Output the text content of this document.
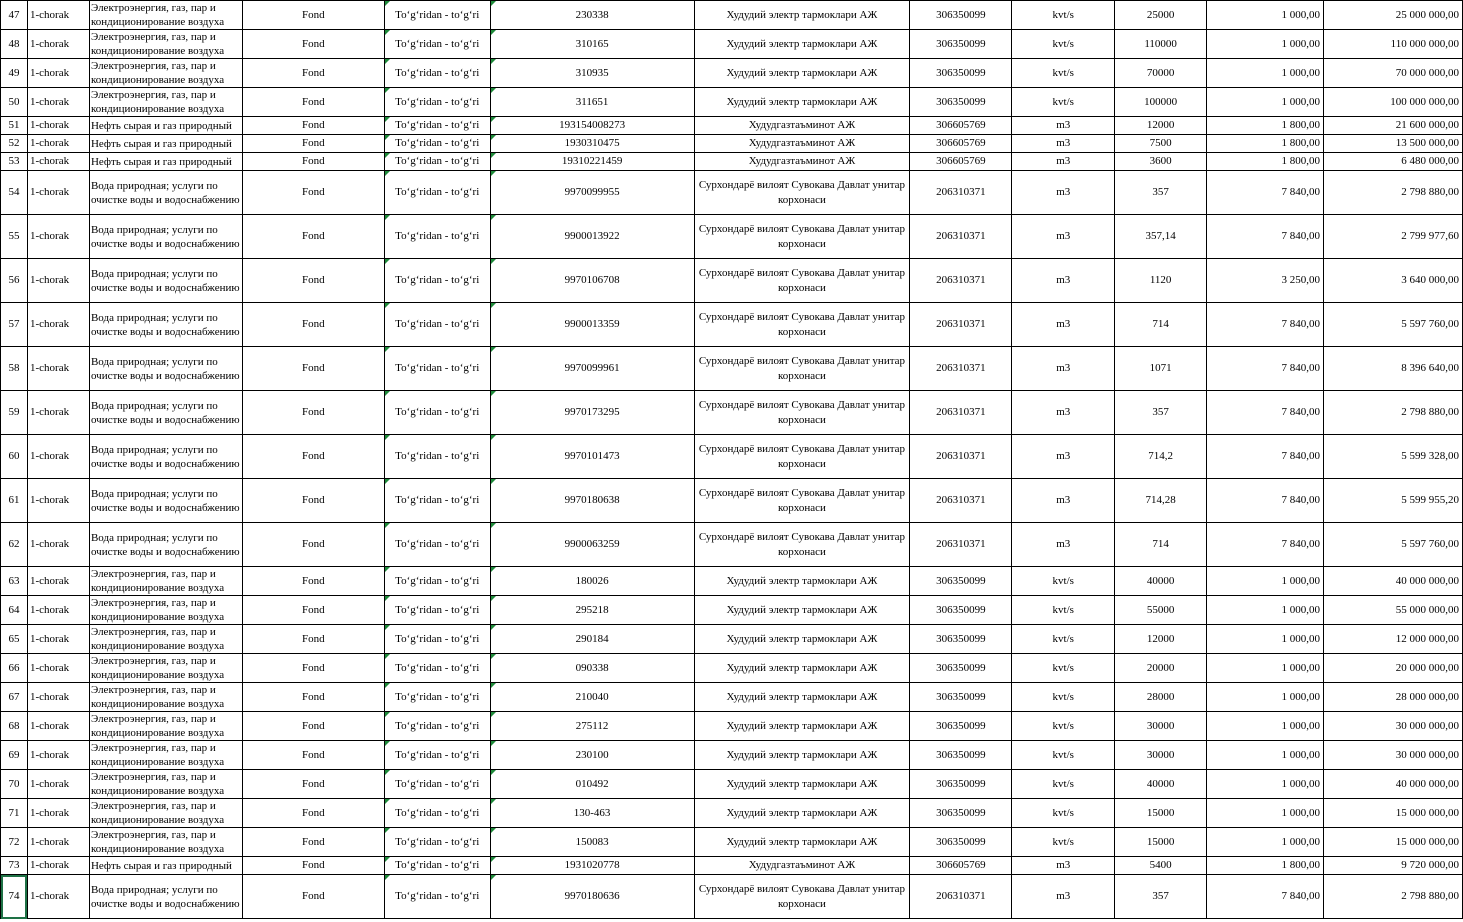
47	1-chorak	Электроэнергия, газ, пар и кондиционирование воздуха	Fond	To‘g‘ridan - to‘g‘ri	230338	Худудий электр тармоклари АЖ	306350099	kvt/s	25000	1 000,00	25 000 000,00
48	1-chorak	Электроэнергия, газ, пар и кондиционирование воздуха	Fond	To‘g‘ridan - to‘g‘ri	310165	Худудий электр тармоклари АЖ	306350099	kvt/s	110000	1 000,00	110 000 000,00
49	1-chorak	Электроэнергия, газ, пар и кондиционирование воздуха	Fond	To‘g‘ridan - to‘g‘ri	310935	Худудий электр тармоклари АЖ	306350099	kvt/s	70000	1 000,00	70 000 000,00
50	1-chorak	Электроэнергия, газ, пар и кондиционирование воздуха	Fond	To‘g‘ridan - to‘g‘ri	311651	Худудий электр тармоклари АЖ	306350099	kvt/s	100000	1 000,00	100 000 000,00
51	1-chorak	Нефть сырая и газ природный	Fond	To‘g‘ridan - to‘g‘ri	193154008273	Худудгазтаъминот АЖ	306605769	m3	12000	1 800,00	21 600 000,00
52	1-chorak	Нефть сырая и газ природный	Fond	To‘g‘ridan - to‘g‘ri	1930310475	Худудгазтаъминот АЖ	306605769	m3	7500	1 800,00	13 500 000,00
53	1-chorak	Нефть сырая и газ природный	Fond	To‘g‘ridan - to‘g‘ri	19310221459	Худудгазтаъминот АЖ	306605769	m3	3600	1 800,00	6 480 000,00
54	1-chorak	Вода природная; услуги по очистке воды и водоснабжению	Fond	To‘g‘ridan - to‘g‘ri	9970099955	Сурхондарё вилоят Сувокава Давлат унитар корхонаси	206310371	m3	357	7 840,00	2 798 880,00
55	1-chorak	Вода природная; услуги по очистке воды и водоснабжению	Fond	To‘g‘ridan - to‘g‘ri	9900013922	Сурхондарё вилоят Сувокава Давлат унитар корхонаси	206310371	m3	357,14	7 840,00	2 799 977,60
56	1-chorak	Вода природная; услуги по очистке воды и водоснабжению	Fond	To‘g‘ridan - to‘g‘ri	9970106708	Сурхондарё вилоят Сувокава Давлат унитар корхонаси	206310371	m3	1120	3 250,00	3 640 000,00
57	1-chorak	Вода природная; услуги по очистке воды и водоснабжению	Fond	To‘g‘ridan - to‘g‘ri	9900013359	Сурхондарё вилоят Сувокава Давлат унитар корхонаси	206310371	m3	714	7 840,00	5 597 760,00
58	1-chorak	Вода природная; услуги по очистке воды и водоснабжению	Fond	To‘g‘ridan - to‘g‘ri	9970099961	Сурхондарё вилоят Сувокава Давлат унитар корхонаси	206310371	m3	1071	7 840,00	8 396 640,00
59	1-chorak	Вода природная; услуги по очистке воды и водоснабжению	Fond	To‘g‘ridan - to‘g‘ri	9970173295	Сурхондарё вилоят Сувокава Давлат унитар корхонаси	206310371	m3	357	7 840,00	2 798 880,00
60	1-chorak	Вода природная; услуги по очистке воды и водоснабжению	Fond	To‘g‘ridan - to‘g‘ri	9970101473	Сурхондарё вилоят Сувокава Давлат унитар корхонаси	206310371	m3	714,2	7 840,00	5 599 328,00
61	1-chorak	Вода природная; услуги по очистке воды и водоснабжению	Fond	To‘g‘ridan - to‘g‘ri	9970180638	Сурхондарё вилоят Сувокава Давлат унитар корхонаси	206310371	m3	714,28	7 840,00	5 599 955,20
62	1-chorak	Вода природная; услуги по очистке воды и водоснабжению	Fond	To‘g‘ridan - to‘g‘ri	9900063259	Сурхондарё вилоят Сувокава Давлат унитар корхонаси	206310371	m3	714	7 840,00	5 597 760,00
63	1-chorak	Электроэнергия, газ, пар и кондиционирование воздуха	Fond	To‘g‘ridan - to‘g‘ri	180026	Худудий электр тармоклари АЖ	306350099	kvt/s	40000	1 000,00	40 000 000,00
64	1-chorak	Электроэнергия, газ, пар и кондиционирование воздуха	Fond	To‘g‘ridan - to‘g‘ri	295218	Худудий электр тармоклари АЖ	306350099	kvt/s	55000	1 000,00	55 000 000,00
65	1-chorak	Электроэнергия, газ, пар и кондиционирование воздуха	Fond	To‘g‘ridan - to‘g‘ri	290184	Худудий электр тармоклари АЖ	306350099	kvt/s	12000	1 000,00	12 000 000,00
66	1-chorak	Электроэнергия, газ, пар и кондиционирование воздуха	Fond	To‘g‘ridan - to‘g‘ri	090338	Худудий электр тармоклари АЖ	306350099	kvt/s	20000	1 000,00	20 000 000,00
67	1-chorak	Электроэнергия, газ, пар и кондиционирование воздуха	Fond	To‘g‘ridan - to‘g‘ri	210040	Худудий электр тармоклари АЖ	306350099	kvt/s	28000	1 000,00	28 000 000,00
68	1-chorak	Электроэнергия, газ, пар и кондиционирование воздуха	Fond	To‘g‘ridan - to‘g‘ri	275112	Худудий электр тармоклари АЖ	306350099	kvt/s	30000	1 000,00	30 000 000,00
69	1-chorak	Электроэнергия, газ, пар и кондиционирование воздуха	Fond	To‘g‘ridan - to‘g‘ri	230100	Худудий электр тармоклари АЖ	306350099	kvt/s	30000	1 000,00	30 000 000,00
70	1-chorak	Электроэнергия, газ, пар и кондиционирование воздуха	Fond	To‘g‘ridan - to‘g‘ri	010492	Худудий электр тармоклари АЖ	306350099	kvt/s	40000	1 000,00	40 000 000,00
71	1-chorak	Электроэнергия, газ, пар и кондиционирование воздуха	Fond	To‘g‘ridan - to‘g‘ri	130-463	Худудий электр тармоклари АЖ	306350099	kvt/s	15000	1 000,00	15 000 000,00
72	1-chorak	Электроэнергия, газ, пар и кондиционирование воздуха	Fond	To‘g‘ridan - to‘g‘ri	150083	Худудий электр тармоклари АЖ	306350099	kvt/s	15000	1 000,00	15 000 000,00
73	1-chorak	Нефть сырая и газ природный	Fond	To‘g‘ridan - to‘g‘ri	1931020778	Худудгазтаъминот АЖ	306605769	m3	5400	1 800,00	9 720 000,00
74	1-chorak	Вода природная; услуги по очистке воды и водоснабжению	Fond	To‘g‘ridan - to‘g‘ri	9970180636	Сурхондарё вилоят Сувокава Давлат унитар корхонаси	206310371	m3	357	7 840,00	2 798 880,00
